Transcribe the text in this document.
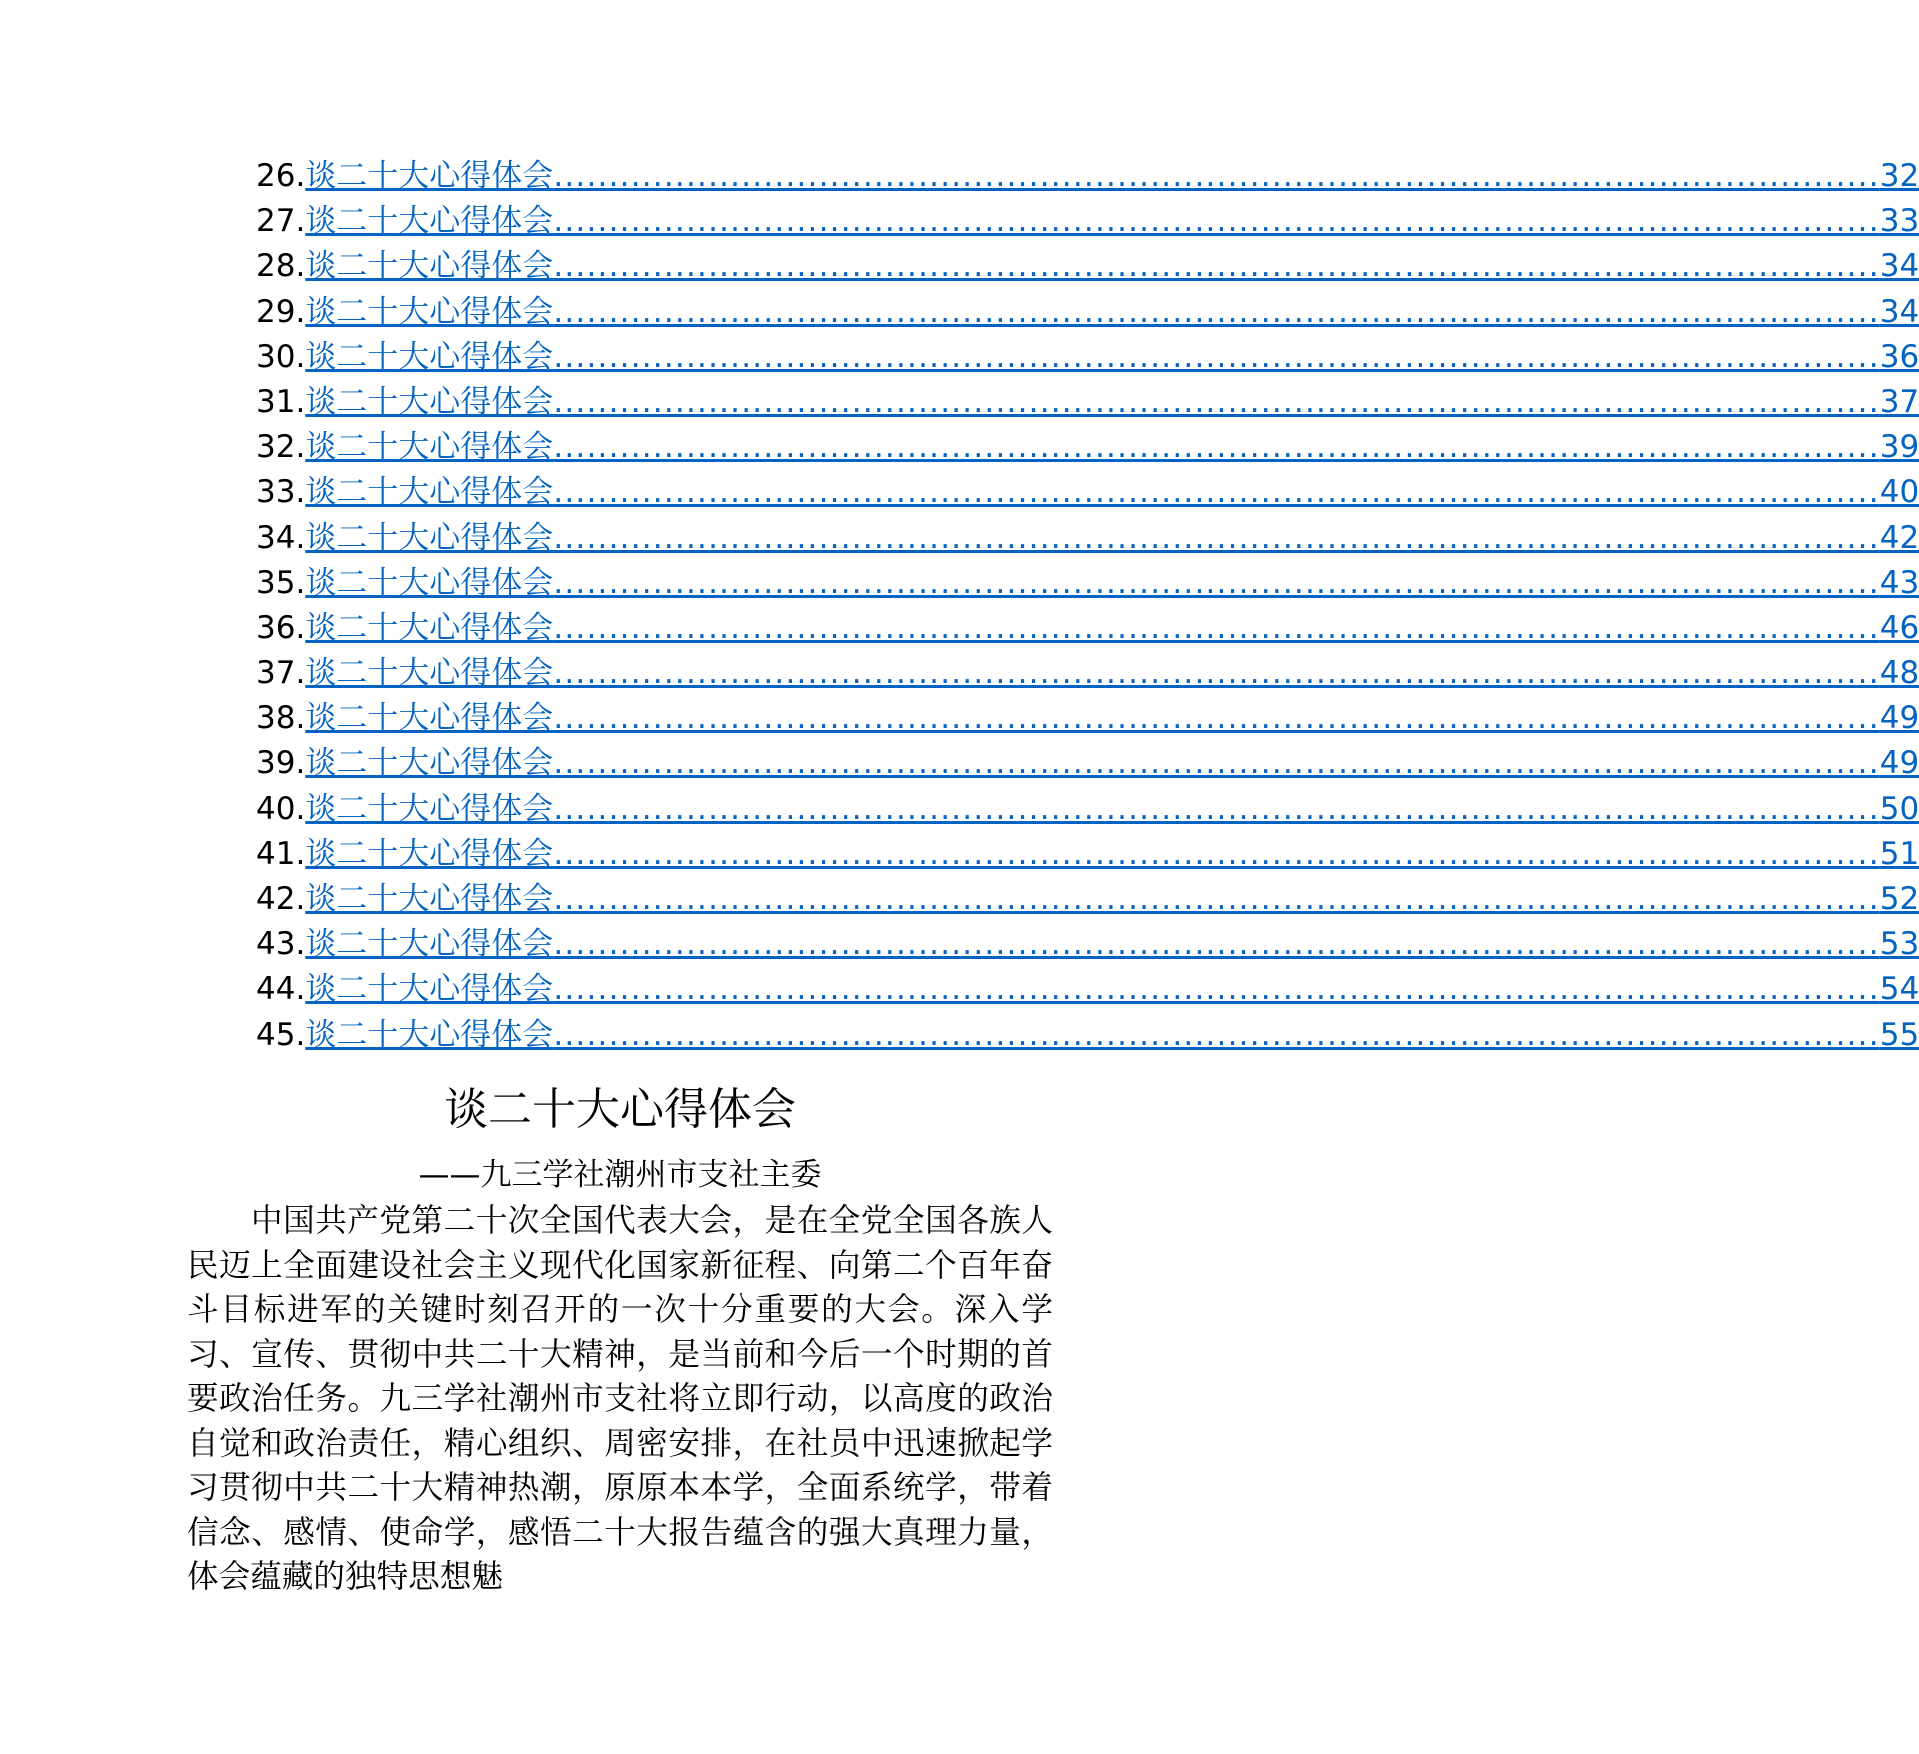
26. 谈二十大心得体会 ........................................................................................................................ 32
27. 谈二十大心得体会 ........................................................................................................................ 33
28. 谈二十大心得体会 ........................................................................................................................ 34
29. 谈二十大心得体会 ........................................................................................................................ 34
30. 谈二十大心得体会 ........................................................................................................................ 36
31. 谈二十大心得体会 ........................................................................................................................ 37
32. 谈二十大心得体会 ........................................................................................................................ 39
33. 谈二十大心得体会 ........................................................................................................................ 40
34. 谈二十大心得体会 ........................................................................................................................ 42
35. 谈二十大心得体会 ........................................................................................................................ 43
36. 谈二十大心得体会 ........................................................................................................................ 46
37. 谈二十大心得体会 ........................................................................................................................ 48
38. 谈二十大心得体会 ........................................................................................................................ 49
39. 谈二十大心得体会 ........................................................................................................................ 49
40. 谈二十大心得体会 ........................................................................................................................ 50
41. 谈二十大心得体会 ........................................................................................................................ 51
42. 谈二十大心得体会 ........................................................................................................................ 52
43. 谈二十大心得体会 ........................................................................................................................ 53
44. 谈二十大心得体会 ........................................................................................................................ 54
45. 谈二十大心得体会 ........................................................................................................................ 55
谈二十大心得体会
——九三学社潮州市支社主委

中国共产党第二十次全国代表大会，是在全党全国各族人民迈上全面建设社会主义现代化国家新征程、向第二个百年奋斗目标进军的关键时刻召开的一次十分重要的大会。深入学习、宣传、贯彻中共二十大精神，是当前和今后一个时期的首要政治任务。九三学社潮州市支社将立即行动，以高度的政治自觉和政治责任，精心组织、周密安排，在社员中迅速掀起学习贯彻中共二十大精神热潮，原原本本学，全面系统学，带着信念、感情、使命学，感悟二十大报告蕴含的强大真理力量，体会蕴藏的独特思想魅
